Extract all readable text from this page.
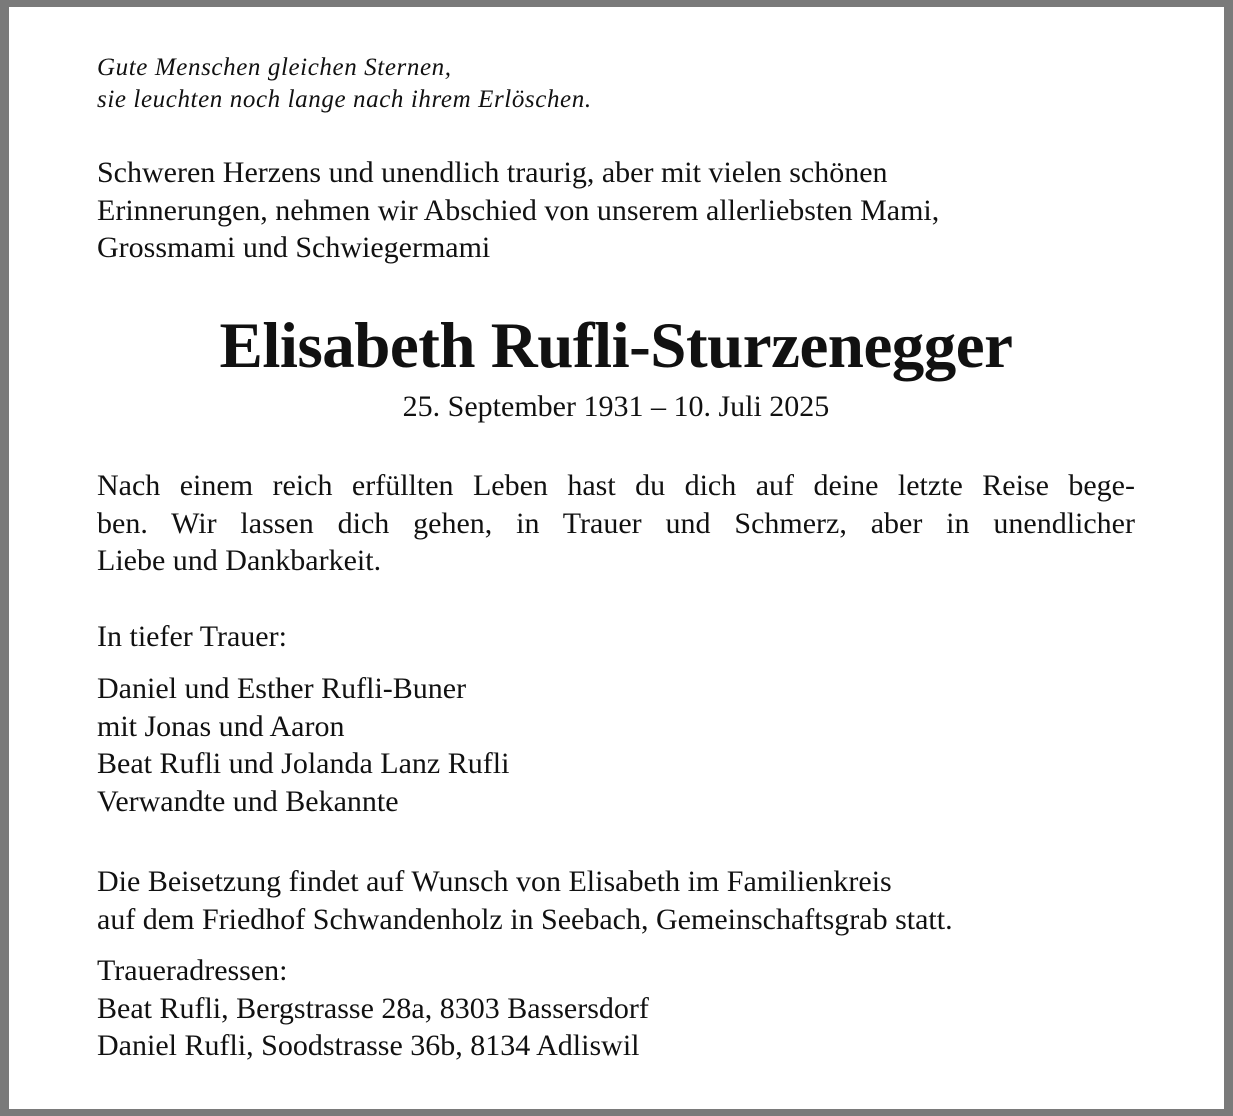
Gute Menschen gleichen Sternen,
sie leuchten noch lange nach ihrem Erlöschen.
Schweren Herzens und unendlich traurig, aber mit vielen schönen
Erinnerungen, nehmen wir Abschied von unserem allerliebsten Mami,
Grossmami und Schwiegermami
Elisabeth Rufli-Sturzenegger
25. September 1931 – 10. Juli 2025
Nach einem reich erfüllten Leben hast du dich auf deine letzte Reise bege-
ben. Wir lassen dich gehen, in Trauer und Schmerz, aber in unendlicher
Liebe und Dankbarkeit.
In tiefer Trauer:
Daniel und Esther Rufli-Buner
mit Jonas und Aaron
Beat Rufli und Jolanda Lanz Rufli
Verwandte und Bekannte
Die Beisetzung findet auf Wunsch von Elisabeth im Familienkreis
auf dem Friedhof Schwandenholz in Seebach, Gemeinschaftsgrab statt.
Traueradressen:
Beat Rufli, Bergstrasse 28a, 8303 Bassersdorf
Daniel Rufli, Soodstrasse 36b, 8134 Adliswil
